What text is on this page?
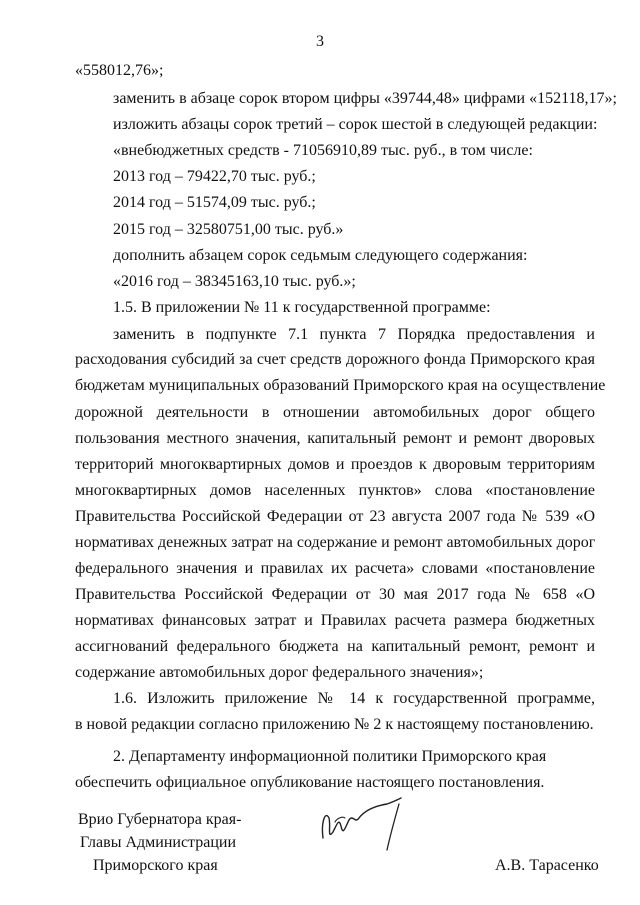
3
«558012,76»;
заменить в абзаце сорок втором цифры «39744,48» цифрами «152118,17»;
изложить абзацы сорок третий – сорок шестой в следующей редакции:
«внебюджетных средств - 71056910,89 тыс. руб., в том числе:
2013 год – 79422,70 тыс. руб.;
2014 год – 51574,09 тыс. руб.;
2015 год – 32580751,00 тыс. руб.»
дополнить абзацем сорок седьмым следующего содержания:
«2016 год – 38345163,10 тыс. руб.»;
1.5. В приложении № 11 к государственной программе:
заменить в подпункте 7.1 пункта 7 Порядка предоставления и
расходования субсидий за счет средств дорожного фонда Приморского края
бюджетам муниципальных образований Приморского края на осуществление
дорожной деятельности в отношении автомобильных дорог общего
пользования местного значения, капитальный ремонт и ремонт дворовых
территорий многоквартирных домов и проездов к дворовым территориям
многоквартирных домов населенных пунктов» слова «постановление
Правительства Российской Федерации от 23 августа 2007 года № 539 «О
нормативах денежных затрат на содержание и ремонт автомобильных дорог
федерального значения и правилах их расчета» словами «постановление
Правительства Российской Федерации от 30 мая 2017 года № 658 «О
нормативах финансовых затрат и Правилах расчета размера бюджетных
ассигнований федерального бюджета на капитальный ремонт, ремонт и
содержание автомобильных дорог федерального значения»;
1.6. Изложить приложение № 14 к государственной программе,
в новой редакции согласно приложению № 2 к настоящему постановлению.
2. Департаменту информационной политики Приморского края
обеспечить официальное опубликование настоящего постановления.
Врио Губернатора края-
Главы Администрации
Приморского края	А.В. Тарасенко
